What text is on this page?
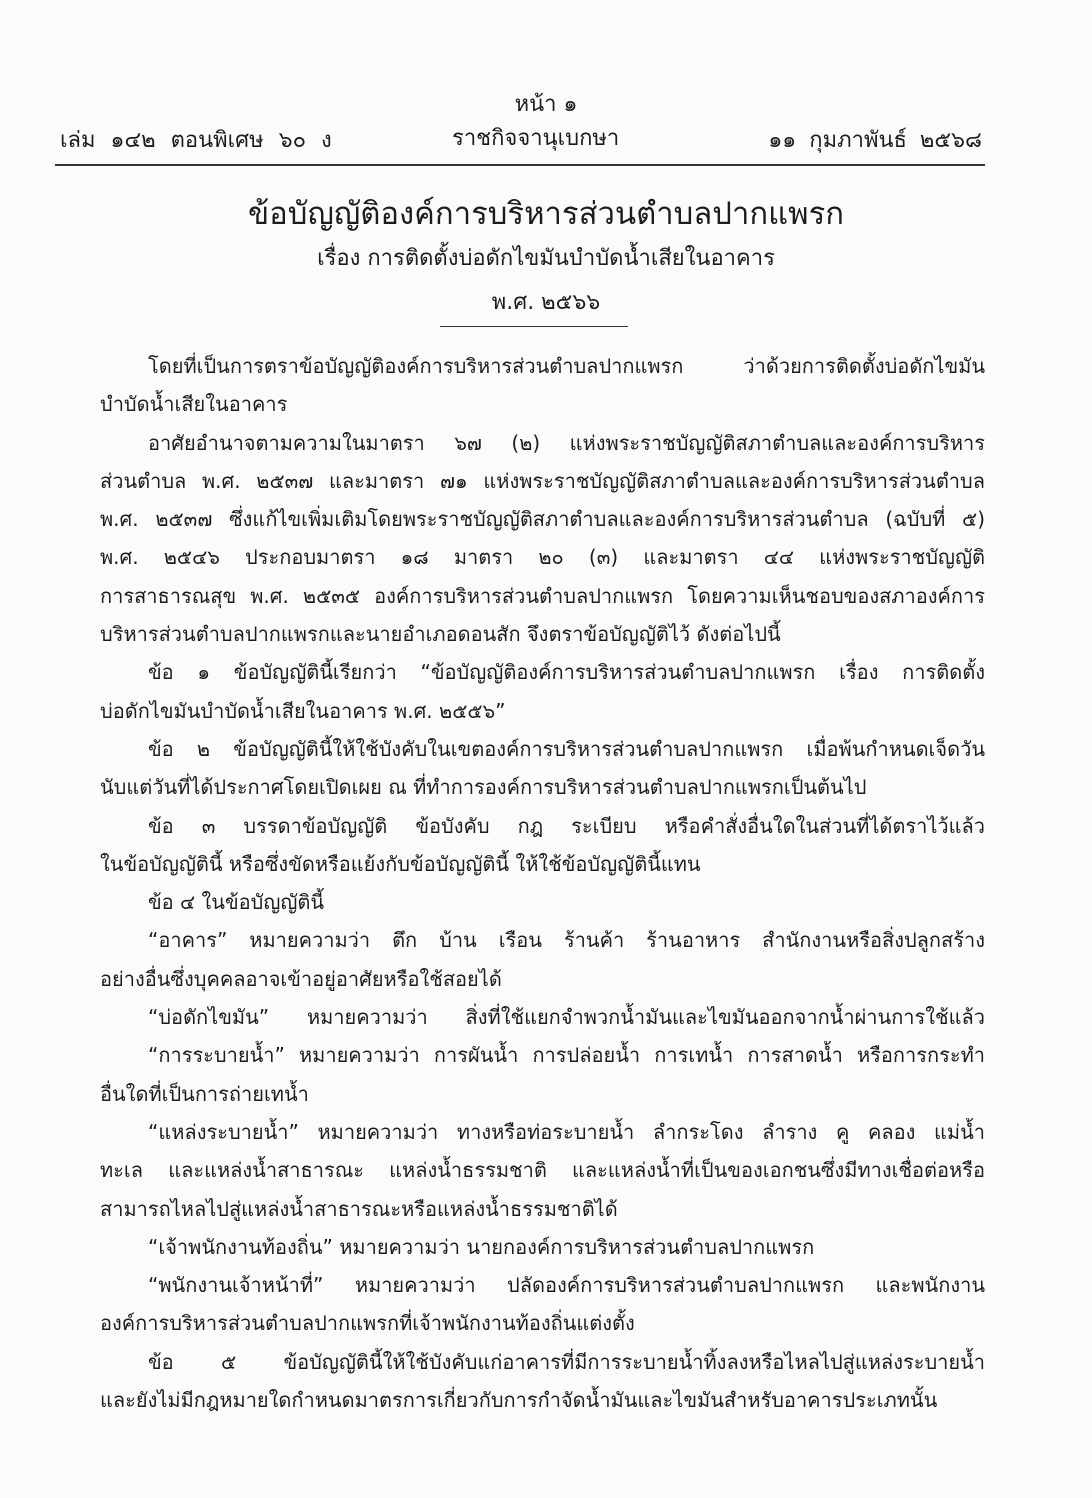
หน้า ๑
เล่ม ๑๔๒ ตอนพิเศษ ๖๐ ง	ราชกิจจานุเบกษา	๑๑ กุมภาพันธ์ ๒๕๖๘
ข้อบัญญัติองค์การบริหารส่วนตำบลปากแพรก
เรื่อง การติดตั้งบ่อดักไขมันบำบัดน้ำเสียในอาคาร
พ.ศ. ๒๕๖๖
โดยที่เป็นการตราข้อบัญญัติองค์การบริหารส่วนตำบลปากแพรก ว่าด้วยการติดตั้งบ่อดักไขมัน
บำบัดน้ำเสียในอาคาร
อาศัยอำนาจตามความในมาตรา ๖๗ (๒) แห่งพระราชบัญญัติสภาตำบลและองค์การบริหาร
ส่วนตำบล พ.ศ. ๒๕๓๗ และมาตรา ๗๑ แห่งพระราชบัญญัติสภาตำบลและองค์การบริหารส่วนตำบล
พ.ศ. ๒๕๓๗ ซึ่งแก้ไขเพิ่มเติมโดยพระราชบัญญัติสภาตำบลและองค์การบริหารส่วนตำบล (ฉบับที่ ๕)
พ.ศ. ๒๕๔๖ ประกอบมาตรา ๑๘ มาตรา ๒๐ (๓) และมาตรา ๔๔ แห่งพระราชบัญญัติ
การสาธารณสุข พ.ศ. ๒๕๓๕ องค์การบริหารส่วนตำบลปากแพรก โดยความเห็นชอบของสภาองค์การ
บริหารส่วนตำบลปากแพรกและนายอำเภอดอนสัก จึงตราข้อบัญญัติไว้ ดังต่อไปนี้
ข้อ ๑ ข้อบัญญัตินี้เรียกว่า “ข้อบัญญัติองค์การบริหารส่วนตำบลปากแพรก เรื่อง การติดตั้ง
บ่อดักไขมันบำบัดน้ำเสียในอาคาร พ.ศ. ๒๕๕๖”
ข้อ ๒ ข้อบัญญัตินี้ให้ใช้บังคับในเขตองค์การบริหารส่วนตำบลปากแพรก เมื่อพ้นกำหนดเจ็ดวัน
นับแต่วันที่ได้ประกาศโดยเปิดเผย ณ ที่ทำการองค์การบริหารส่วนตำบลปากแพรกเป็นต้นไป
ข้อ ๓ บรรดาข้อบัญญัติ ข้อบังคับ กฎ ระเบียบ หรือคำสั่งอื่นใดในส่วนที่ได้ตราไว้แล้ว
ในข้อบัญญัตินี้ หรือซึ่งขัดหรือแย้งกับข้อบัญญัตินี้ ให้ใช้ข้อบัญญัตินี้แทน
ข้อ ๔ ในข้อบัญญัตินี้
“อาคาร” หมายความว่า ตึก บ้าน เรือน ร้านค้า ร้านอาหาร สำนักงานหรือสิ่งปลูกสร้าง
อย่างอื่นซึ่งบุคคลอาจเข้าอยู่อาศัยหรือใช้สอยได้
“บ่อดักไขมัน” หมายความว่า สิ่งที่ใช้แยกจำพวกน้ำมันและไขมันออกจากน้ำผ่านการใช้แล้ว
“การระบายน้ำ” หมายความว่า การผันน้ำ การปล่อยน้ำ การเทน้ำ การสาดน้ำ หรือการกระทำ
อื่นใดที่เป็นการถ่ายเทน้ำ
“แหล่งระบายน้ำ” หมายความว่า ทางหรือท่อระบายน้ำ ลำกระโดง ลำราง คู คลอง แม่น้ำ
ทะเล และแหล่งน้ำสาธารณะ แหล่งน้ำธรรมชาติ และแหล่งน้ำที่เป็นของเอกชนซึ่งมีทางเชื่อต่อหรือ
สามารถไหลไปสู่แหล่งน้ำสาธารณะหรือแหล่งน้ำธรรมชาติได้
“เจ้าพนักงานท้องถิ่น” หมายความว่า นายกองค์การบริหารส่วนตำบลปากแพรก
“พนักงานเจ้าหน้าที่” หมายความว่า ปลัดองค์การบริหารส่วนตำบลปากแพรก และพนักงาน
องค์การบริหารส่วนตำบลปากแพรกที่เจ้าพนักงานท้องถิ่นแต่งตั้ง
ข้อ ๕ ข้อบัญญัตินี้ให้ใช้บังคับแก่อาคารที่มีการระบายน้ำทิ้งลงหรือไหลไปสู่แหล่งระบายน้ำ
และยังไม่มีกฎหมายใดกำหนดมาตรการเกี่ยวกับการกำจัดน้ำมันและไขมันสำหรับอาคารประเภทนั้น
